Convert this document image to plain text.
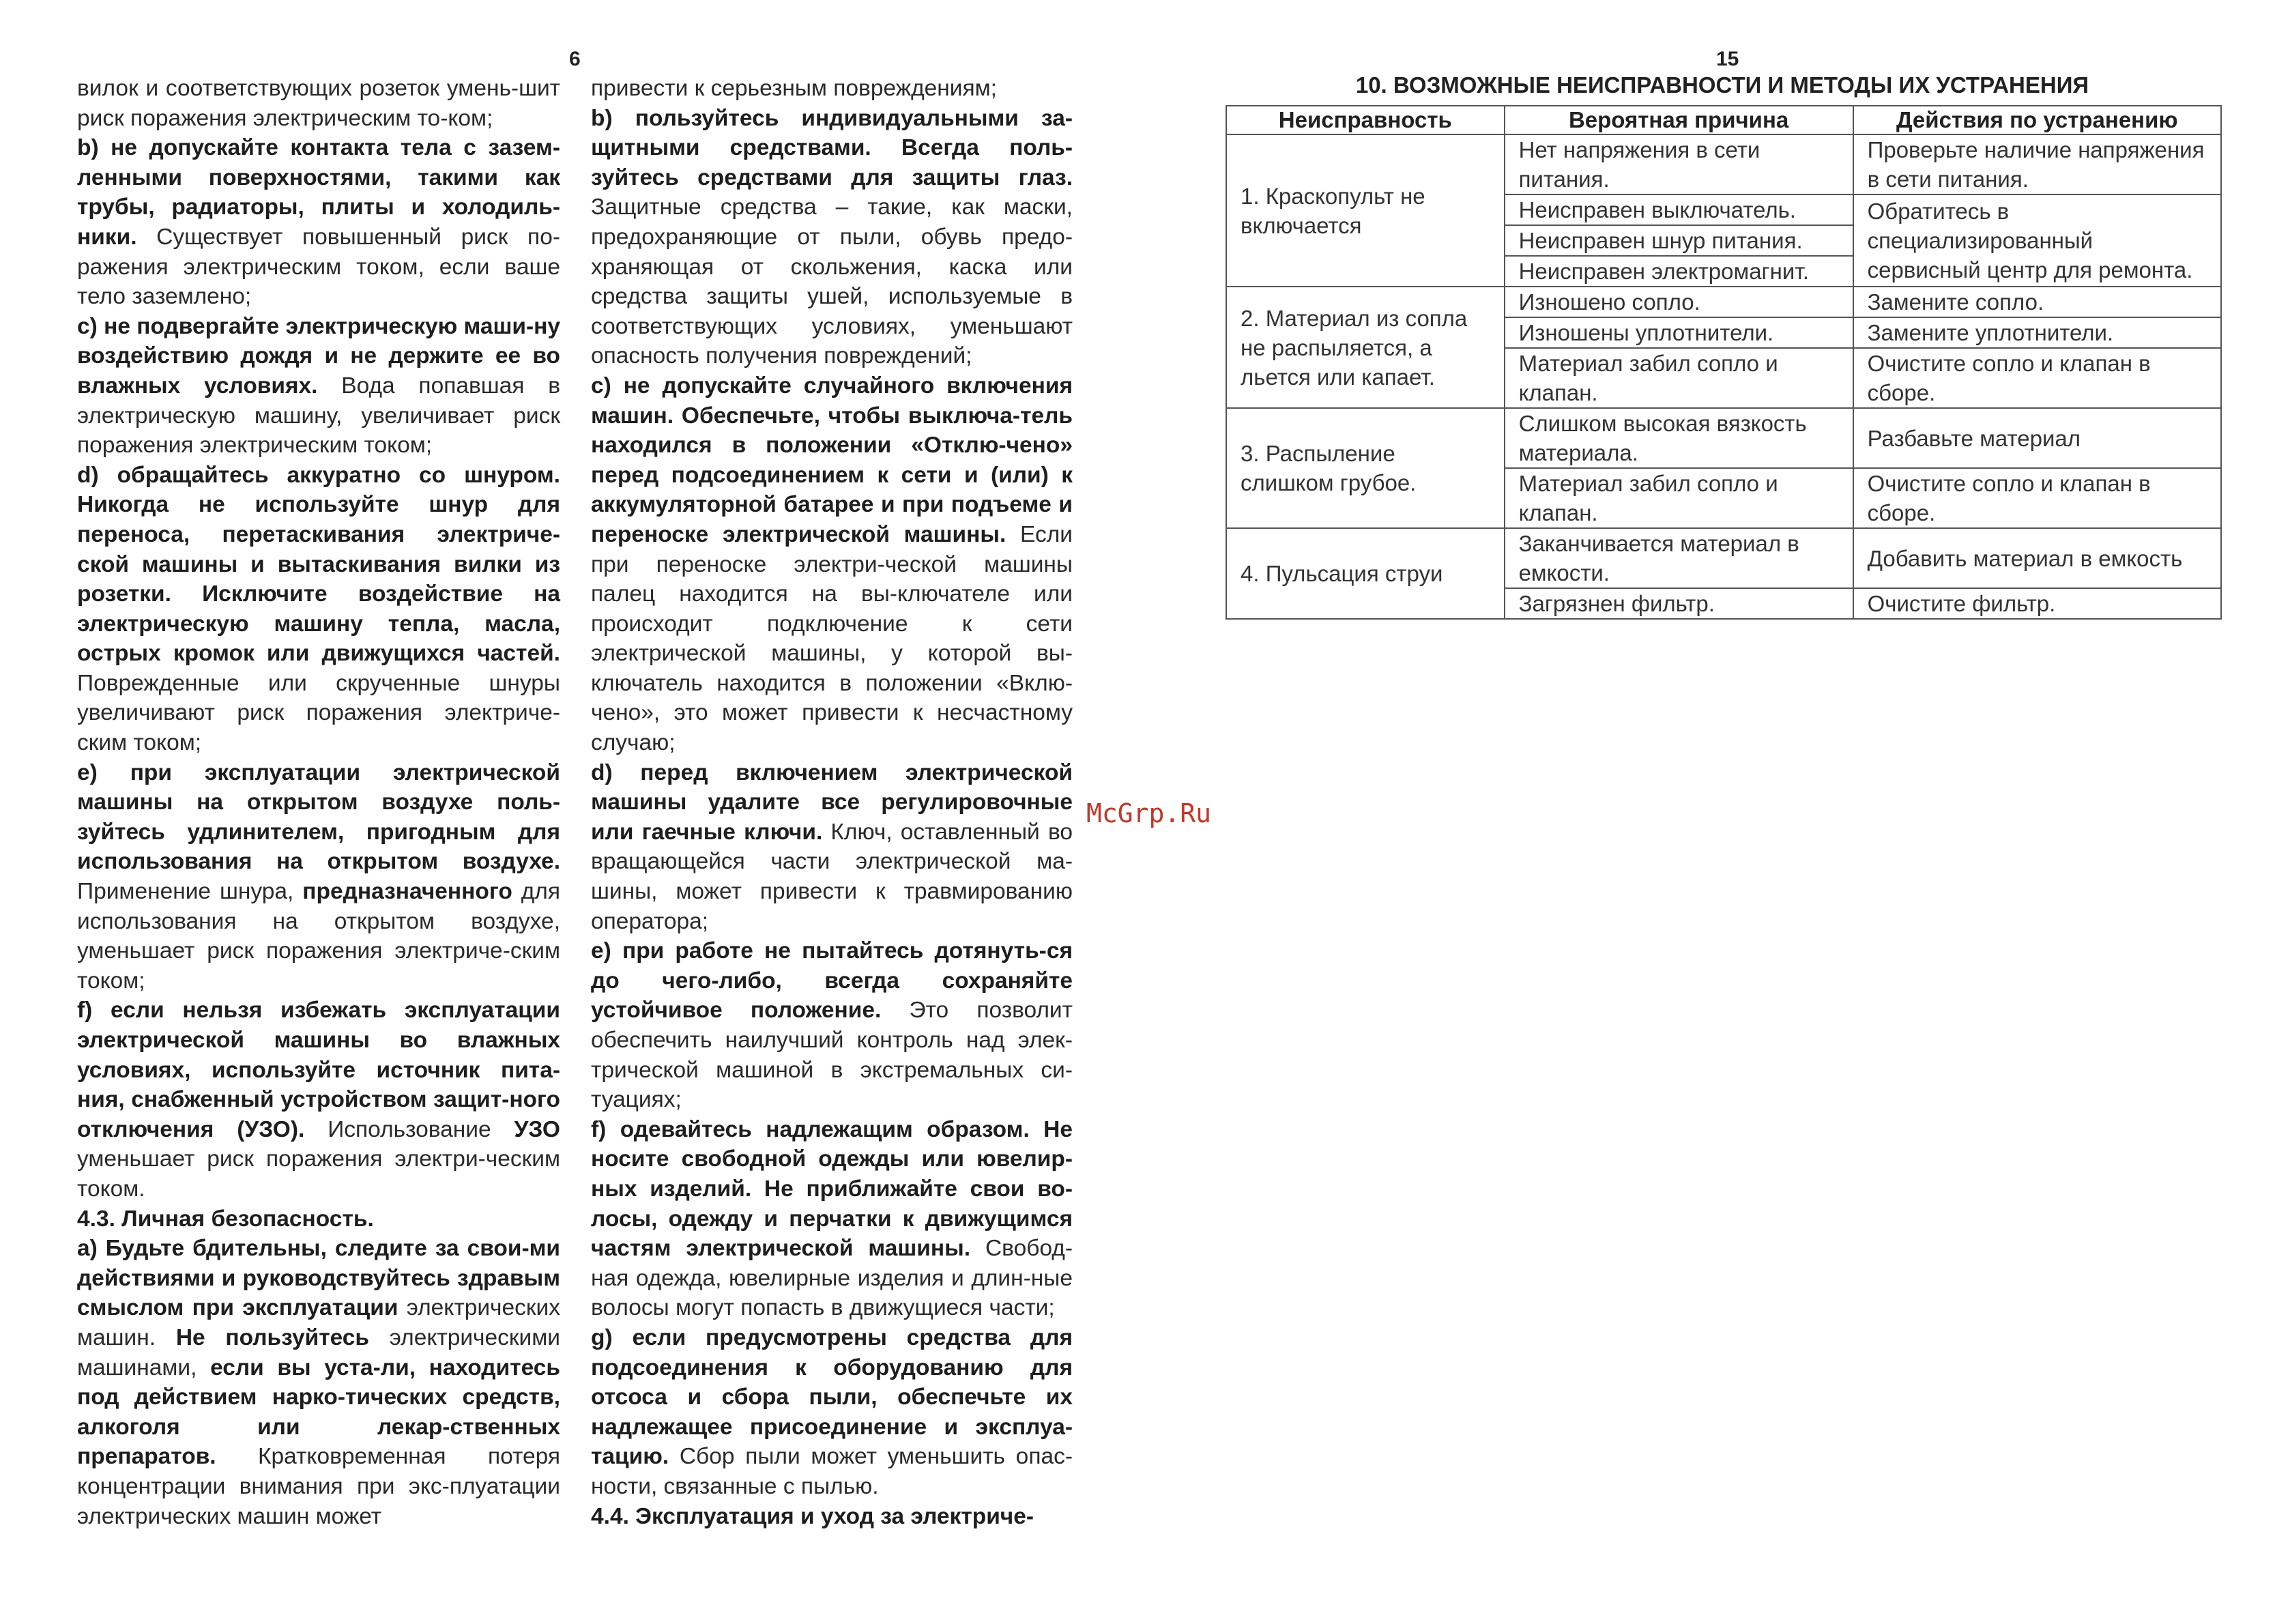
6	15

вилок и соответствующих розеток умень-шит риск поражения электрическим то-ком;

b) не допускайте контакта тела с зазем-ленными поверхностями, такими как трубы, радиаторы, плиты и холодиль-ники. Существует повышенный риск по-ражения электрическим током, если ваше тело заземлено;

с) не подвергайте электрическую маши-ну воздействию дождя и не держите ее во влажных условиях. Вода попавшая в электрическую машину, увеличивает риск поражения электрическим током;

d) обращайтесь аккуратно со шнуром. Никогда не используйте шнур для переноса, перетаскивания электриче-ской машины и вытаскивания вилки из розетки. Исключите воздействие на электрическую машину тепла, масла, острых кромок или движущихся частей. Поврежденные или скрученные шнуры увеличивают риск поражения электриче-ским током;

е) при эксплуатации электрической машины на открытом воздухе поль-зуйтесь удлинителем, пригодным для использования на открытом воздухе. Применение шнура, предназначенного для использования на открытом воздухе, уменьшает риск поражения электриче-ским током;

f) если нельзя избежать эксплуатации электрической машины во влажных условиях, используйте источник пита-ния, снабженный устройством защит-ного отключения (УЗО). Использование УЗО уменьшает риск поражения электри-ческим током.

4.3. Личная безопасность.

а) Будьте бдительны, следите за свои-ми действиями и руководствуйтесь здравым смыслом при эксплуатации электрических машин. Не пользуйтесь электрическими машинами, если вы уста-ли, находитесь под действием нарко-тических средств, алкоголя или лекар-ственных препаратов. Кратковременная потеря концентрации внимания при экс-плуатации электрических машин может

привести к серьезным повреждениям;

b) пользуйтесь индивидуальными за-щитными средствами. Всегда поль-зуйтесь средствами для защиты глаз. Защитные средства – такие, как маски, предохраняющие от пыли, обувь предо-храняющая от скольжения, каска или средства защиты ушей, используемые в соответствующих условиях, уменьшают опасность получения повреждений;

с) не допускайте случайного включения машин. Обеспечьте, чтобы выключа-тель находился в положении «Отклю-чено» перед подсоединением к сети и (или) к аккумуляторной батарее и при подъеме и переноске электрической машины. Если при переноске электри-ческой машины палец находится на вы-ключателе или происходит подключение к сети электрической машины, у которой вы-ключатель находится в положении «Вклю-чено», это может привести к несчастному случаю;

d) перед включением электрической машины удалите все регулировочные или гаечные ключи. Ключ, оставленный во вращающейся части электрической ма-шины, может привести к травмированию оператора;

е) при работе не пытайтесь дотянуть-ся до чего-либо, всегда сохраняйте устойчивое положение. Это позволит обеспечить наилучший контроль над элек-трической машиной в экстремальных си-туациях;

f) одевайтесь надлежащим образом. Не носите свободной одежды или ювелир-ных изделий. Не приближайте свои во-лосы, одежду и перчатки к движущимся частям электрической машины. Свобод-ная одежда, ювелирные изделия и длин-ные волосы могут попасть в движущиеся части;

g) если предусмотрены средства для подсоединения к оборудованию для отсоса и сбора пыли, обеспечьте их надлежащее присоединение и эксплуа-тацию. Сбор пыли может уменьшить опас-ности, связанные с пылью.

4.4. Эксплуатация и уход за электриче-

McGrp.Ru
10. ВОЗМОЖНЫЕ НЕИСПРАВНОСТИ И МЕТОДЫ ИХ УСТРАНЕНИЯ
Неисправность	Вероятная причина	Действия по устранению
1. Краскопульт не включается	Нет напряжения в сети питания.	Проверьте наличие напряжения в сети питания.
	Неисправен выключатель.	Обратитесь в специализированный сервисный центр для ремонта.
	Неисправен шнур питания.	
	Неисправен электромагнит.	
2. Материал из сопла не распыляется, а льется или капает.	Изношено сопло.	Замените сопло.
	Изношены уплотнители.	Замените уплотнители.
	Материал забил сопло и клапан.	Очистите сопло и клапан в сборе.
3. Распыление слишком грубое.	Слишком высокая вязкость материала.	Разбавьте материал
	Материал забил сопло и клапан.	Очистите сопло и клапан в сборе.
4. Пульсация струи	Заканчивается материал в емкости.	Добавить материал в емкость
	Загрязнен фильтр.	Очистите фильтр.
